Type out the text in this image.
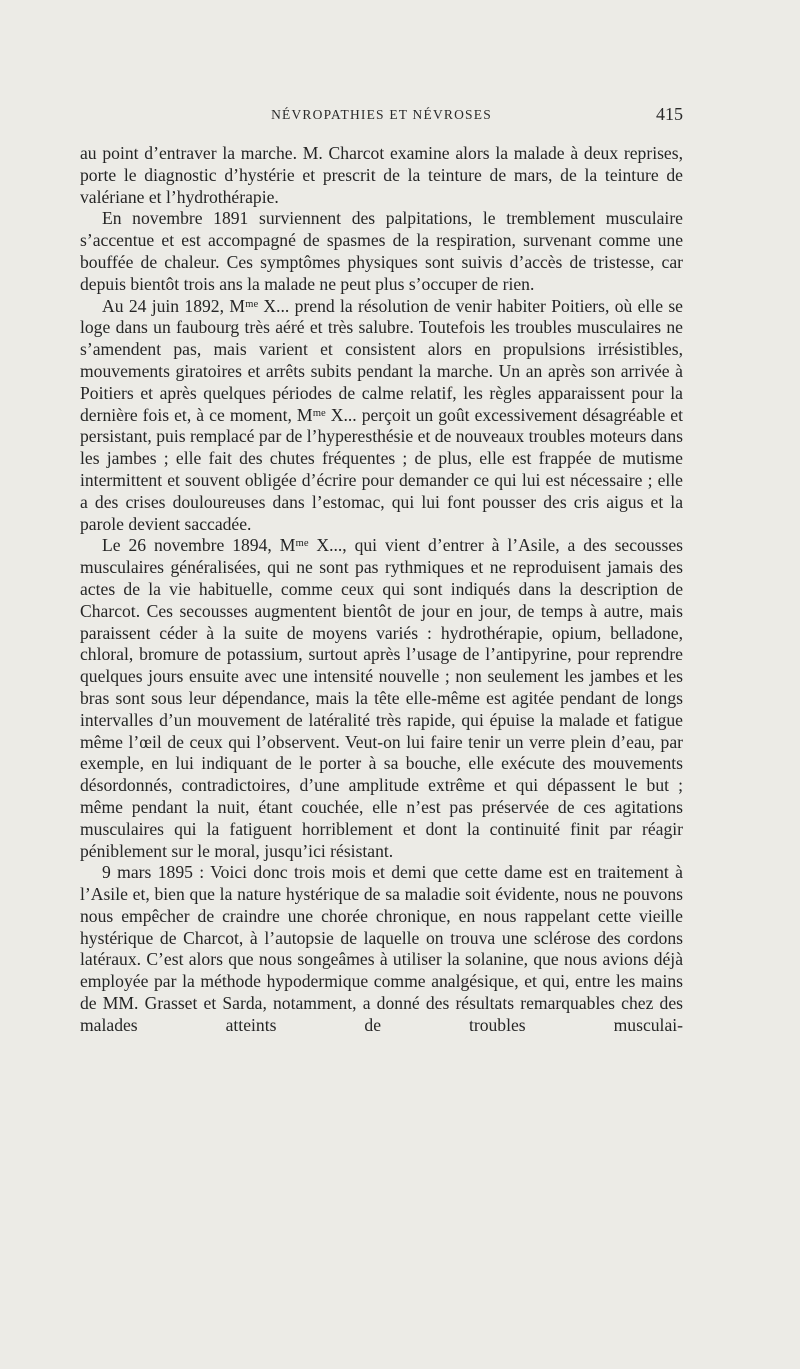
NÉVROPATHIES ET NÉVROSES	415

au point d’entraver la marche. M. Charcot examine alors la malade à deux reprises, porte le diagnostic d’hystérie et prescrit de la teinture de mars, de la teinture de valériane et l’hydrothérapie.

En novembre 1891 surviennent des palpitations, le tremblement musculaire s’accentue et est accompagné de spasmes de la respiration, survenant comme une bouffée de chaleur. Ces symptômes physiques sont suivis d’accès de tristesse, car depuis bientôt trois ans la malade ne peut plus s’occuper de rien.

Au 24 juin 1892, Mᵐᵉ X... prend la résolution de venir habiter Poitiers, où elle se loge dans un faubourg très aéré et très salubre. Toutefois les troubles musculaires ne s’amendent pas, mais varient et consistent alors en propulsions irrésistibles, mouvements giratoires et arrêts subits pendant la marche. Un an après son arrivée à Poitiers et après quelques périodes de calme relatif, les règles apparaissent pour la dernière fois et, à ce moment, Mᵐᵉ X... perçoit un goût excessivement désagréable et persistant, puis remplacé par de l’hyperesthésie et de nouveaux troubles moteurs dans les jambes ; elle fait des chutes fréquentes ; de plus, elle est frappée de mutisme intermittent et souvent obligée d’écrire pour demander ce qui lui est nécessaire ; elle a des crises douloureuses dans l’estomac, qui lui font pousser des cris aigus et la parole devient saccadée.

Le 26 novembre 1894, Mᵐᵉ X..., qui vient d’entrer à l’Asile, a des secousses musculaires généralisées, qui ne sont pas rythmiques et ne reproduisent jamais des actes de la vie habituelle, comme ceux qui sont indiqués dans la description de Charcot. Ces secousses augmentent bientôt de jour en jour, de temps à autre, mais paraissent céder à la suite de moyens variés : hydrothérapie, opium, belladone, chloral, bromure de potassium, surtout après l’usage de l’antipyrine, pour reprendre quelques jours ensuite avec une intensité nouvelle ; non seulement les jambes et les bras sont sous leur dépendance, mais la tête elle-même est agitée pendant de longs intervalles d’un mouvement de latéralité très rapide, qui épuise la malade et fatigue même l’œil de ceux qui l’observent. Veut-on lui faire tenir un verre plein d’eau, par exemple, en lui indiquant de le porter à sa bouche, elle exécute des mouvements désordonnés, contradictoires, d’une amplitude extrême et qui dépassent le but ; même pendant la nuit, étant couchée, elle n’est pas préservée de ces agitations musculaires qui la fatiguent horriblement et dont la continuité finit par réagir péniblement sur le moral, jusqu’ici résistant.

9 mars 1895 : Voici donc trois mois et demi que cette dame est en traitement à l’Asile et, bien que la nature hystérique de sa maladie soit évidente, nous ne pouvons nous empêcher de craindre une chorée chronique, en nous rappelant cette vieille hystérique de Charcot, à l’autopsie de laquelle on trouva une sclérose des cordons latéraux. C’est alors que nous songeâmes à utiliser la solanine, que nous avions déjà employée par la méthode hypodermique comme analgésique, et qui, entre les mains de MM. Grasset et Sarda, notamment, a donné des résultats remarquables chez des malades atteints de troubles musculai-
